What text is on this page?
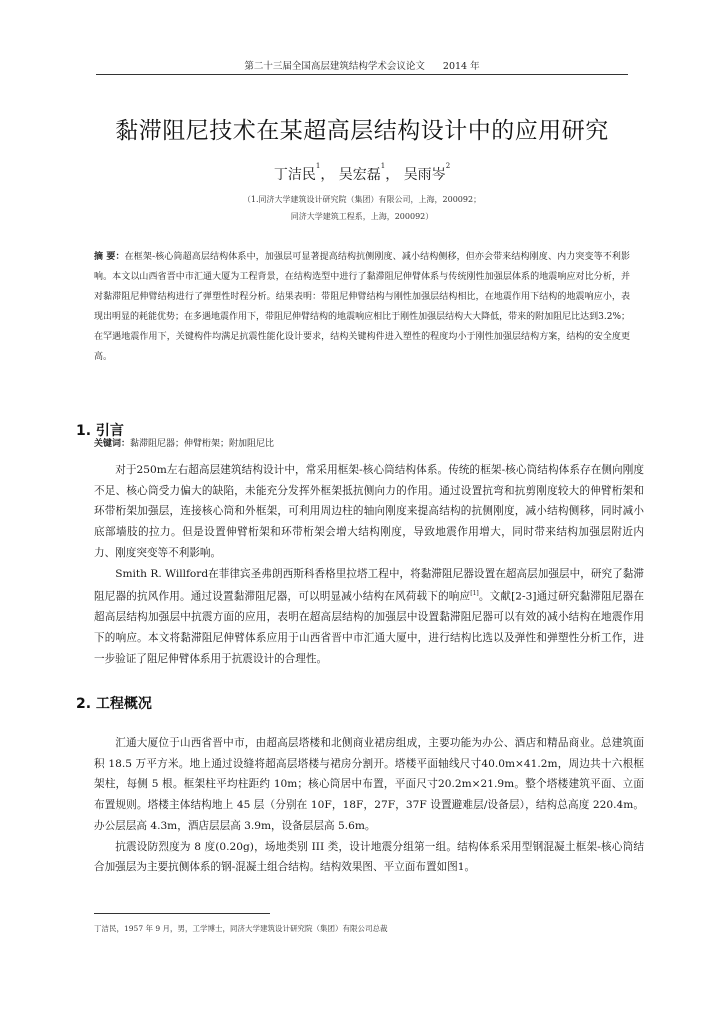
第二十三届全国高层建筑结构学术会议论文 2014 年
黏滞阻尼技术在某超高层结构设计中的应用研究
丁洁民$^1$， 吴宏磊$^1$， 吴雨岑$^2$
（1.同济大学建筑设计研究院（集团）有限公司，上海，200092；
同济大学建筑工程系，上海，200092）
摘 要：在框架-核心筒超高层结构体系中，加强层可显著提高结构抗侧刚度、减小结构侧移，但亦会带来结构刚度、内力突变等不利影响。本文以山西省晋中市汇通大厦为工程背景，在结构选型中进行了黏滞阻尼伸臂体系与传统刚性加强层体系的地震响应对比分析，并对黏滞阻尼伸臂结构进行了弹塑性时程分析。结果表明：带阻尼伸臂结构与刚性加强层结构相比，在地震作用下结构的地震响应小，表现出明显的耗能优势；在多遇地震作用下，带阻尼伸臂结构的地震响应相比于刚性加强层结构大大降低，带来的附加阻尼比达到3.2%；在罕遇地震作用下，关键构件均满足抗震性能化设计要求，结构关键构件进入塑性的程度均小于刚性加强层结构方案，结构的安全度更高。
关键词：黏滞阻尼器；伸臂桁架；附加阻尼比
1. 引言

对于250m左右超高层建筑结构设计中，常采用框架-核心筒结构体系。传统的框架-核心筒结构体系存在侧向刚度不足、核心筒受力偏大的缺陷，未能充分发挥外框架抵抗侧向力的作用。通过设置抗弯和抗剪刚度较大的伸臂桁架和环带桁架加强层，连接核心筒和外框架，可利用周边柱的轴向刚度来提高结构的抗侧刚度，减小结构侧移，同时减小底部墙肢的拉力。但是设置伸臂桁架和环带桁架会增大结构刚度，导致地震作用增大，同时带来结构加强层附近内力、刚度突变等不利影响。

Smith R. Willford在菲律宾圣弗朗西斯科香格里拉塔工程中，将黏滞阻尼器设置在超高层加强层中，研究了黏滞阻尼器的抗风作用。通过设置黏滞阻尼器，可以明显减小结构在风荷载下的响应[1]。文献[2-3]通过研究黏滞阻尼器在超高层结构加强层中抗震方面的应用，表明在超高层结构的加强层中设置黏滞阻尼器可以有效的减小结构在地震作用下的响应。本文将黏滞阻尼伸臂体系应用于山西省晋中市汇通大厦中，进行结构比选以及弹性和弹塑性分析工作，进一步验证了阻尼伸臂体系用于抗震设计的合理性。

2. 工程概况

汇通大厦位于山西省晋中市，由超高层塔楼和北侧商业裙房组成，主要功能为办公、酒店和精品商业。总建筑面积 18.5 万平方米。地上通过设缝将超高层塔楼与裙房分割开。塔楼平面轴线尺寸40.0m×41.2m，周边共十六根框架柱，每侧 5 根。框架柱平均柱距约 10m；核心筒居中布置，平面尺寸20.2m×21.9m。整个塔楼建筑平面、立面布置规则。塔楼主体结构地上 45 层（分别在 10F，18F，27F，37F 设置避难层/设备层），结构总高度 220.4m。办公层层高 4.3m，酒店层层高 3.9m，设备层层高 5.6m。

抗震设防烈度为 8 度(0.20g)，场地类别 III 类，设计地震分组第一组。结构体系采用型钢混凝土框架-核心筒结合加强层为主要抗侧体系的钢-混凝土组合结构。结构效果图、平立面布置如图1。

丁洁民，1957 年 9 月，男，工学博士，同济大学建筑设计研究院（集团）有限公司总裁
